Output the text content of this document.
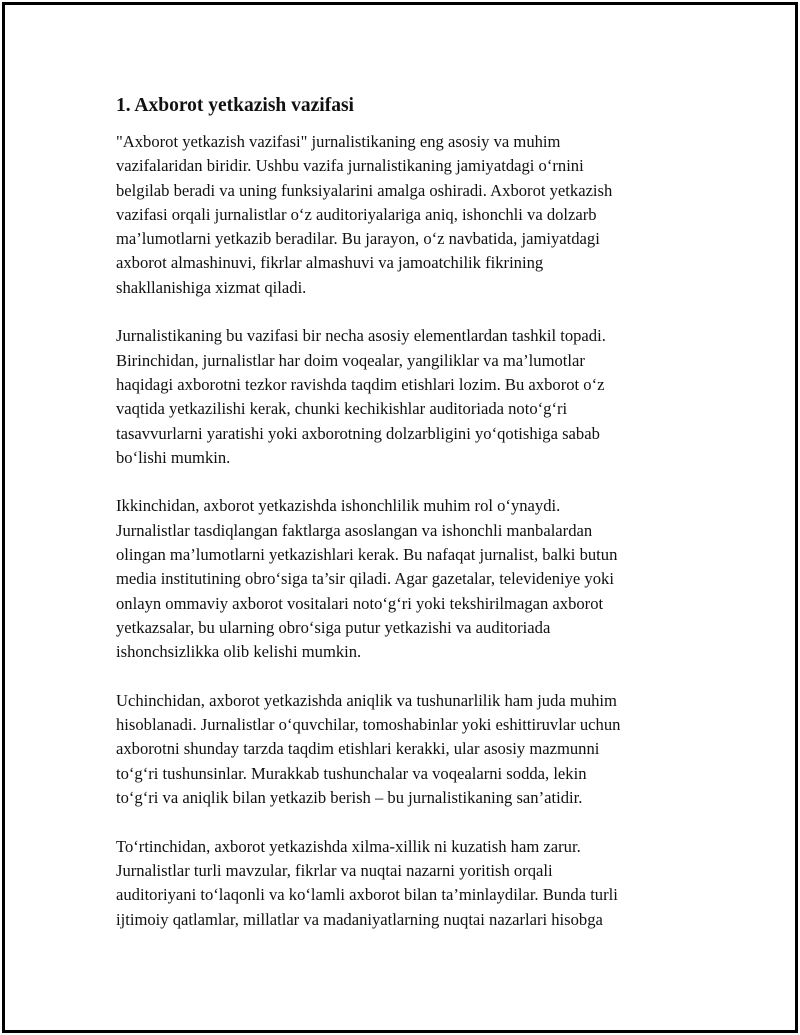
1. Axborot yetkazish vazifasi
"Axborot yetkazish vazifasi" jurnalistikaning eng asosiy va muhim
vazifalaridan biridir. Ushbu vazifa jurnalistikaning jamiyatdagi o‘rnini
belgilab beradi va uning funksiyalarini amalga oshiradi. Axborot yetkazish
vazifasi orqali jurnalistlar o‘z auditoriyalariga aniq, ishonchli va dolzarb
ma’lumotlarni yetkazib beradilar. Bu jarayon, o‘z navbatida, jamiyatdagi
axborot almashinuvi, fikrlar almashuvi va jamoatchilik fikrining
shakllanishiga xizmat qiladi.
Jurnalistikaning bu vazifasi bir necha asosiy elementlardan tashkil topadi.
Birinchidan, jurnalistlar har doim voqealar, yangiliklar va ma’lumotlar
haqidagi axborotni tezkor ravishda taqdim etishlari lozim. Bu axborot o‘z
vaqtida yetkazilishi kerak, chunki kechikishlar auditoriada noto‘g‘ri
tasavvurlarni yaratishi yoki axborotning dolzarbligini yo‘qotishiga sabab
bo‘lishi mumkin.
Ikkinchidan, axborot yetkazishda ishonchlilik muhim rol o‘ynaydi.
Jurnalistlar tasdiqlangan faktlarga asoslangan va ishonchli manbalardan
olingan ma’lumotlarni yetkazishlari kerak. Bu nafaqat jurnalist, balki butun
media institutining obro‘siga ta’sir qiladi. Agar gazetalar, televideniye yoki
onlayn ommaviy axborot vositalari noto‘g‘ri yoki tekshirilmagan axborot
yetkazsalar, bu ularning obro‘siga putur yetkazishi va auditoriada
ishonchsizlikka olib kelishi mumkin.
Uchinchidan, axborot yetkazishda aniqlik va tushunarlilik ham juda muhim
hisoblanadi. Jurnalistlar o‘quvchilar, tomoshabinlar yoki eshittiruvlar uchun
axborotni shunday tarzda taqdim etishlari kerakki, ular asosiy mazmunni
to‘g‘ri tushunsinlar. Murakkab tushunchalar va voqealarni sodda, lekin
to‘g‘ri va aniqlik bilan yetkazib berish – bu jurnalistikaning san’atidir.
To‘rtinchidan, axborot yetkazishda xilma-xillik ni kuzatish ham zarur.
Jurnalistlar turli mavzular, fikrlar va nuqtai nazarni yoritish orqali
auditoriyani to‘laqonli va ko‘lamli axborot bilan ta’minlaydilar. Bunda turli
ijtimoiy qatlamlar, millatlar va madaniyatlarning nuqtai nazarlari hisobga
